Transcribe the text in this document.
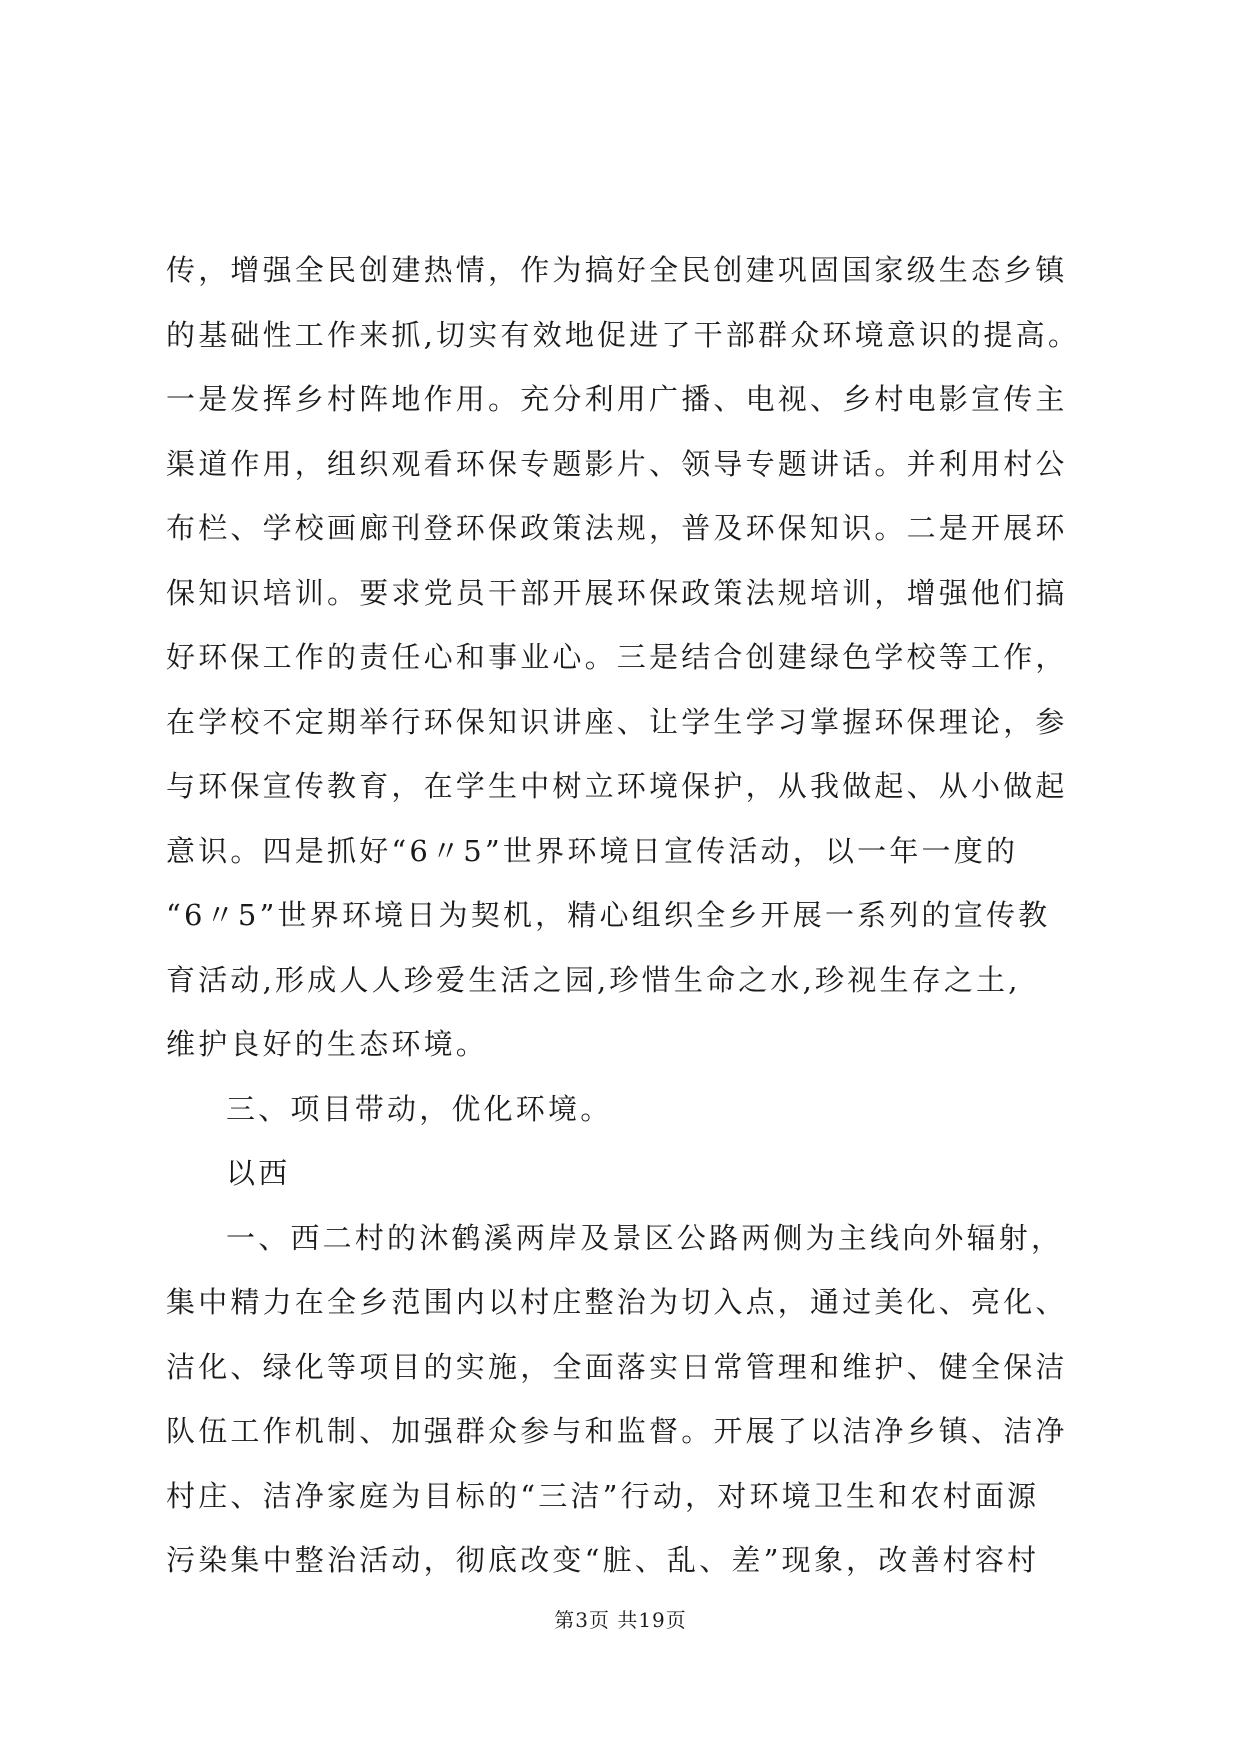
传，增强全民创建热情，作为搞好全民创建巩固国家级生态乡镇
的基础性工作来抓,切实有效地促进了干部群众环境意识的提高。
一是发挥乡村阵地作用。充分利用广播、电视、乡村电影宣传主
渠道作用，组织观看环保专题影片、领导专题讲话。并利用村公
布栏、学校画廊刊登环保政策法规，普及环保知识。二是开展环
保知识培训。要求党员干部开展环保政策法规培训，增强他们搞
好环保工作的责任心和事业心。三是结合创建绿色学校等工作，
在学校不定期举行环保知识讲座、让学生学习掌握环保理论，参
与环保宣传教育，在学生中树立环境保护，从我做起、从小做起
意识。四是抓好“6〃5”世界环境日宣传活动，以一年一度的
“6〃5”世界环境日为契机，精心组织全乡开展一系列的宣传教
育活动,形成人人珍爱生活之园,珍惜生命之水,珍视生存之土,
维护良好的生态环境。
三、项目带动，优化环境。
以西
一、西二村的沐鹤溪两岸及景区公路两侧为主线向外辐射，
集中精力在全乡范围内以村庄整治为切入点，通过美化、亮化、
洁化、绿化等项目的实施，全面落实日常管理和维护、健全保洁
队伍工作机制、加强群众参与和监督。开展了以洁净乡镇、洁净
村庄、洁净家庭为目标的“三洁”行动，对环境卫生和农村面源
污染集中整治活动，彻底改变“脏、乱、差”现象，改善村容村
第3页 共19页
